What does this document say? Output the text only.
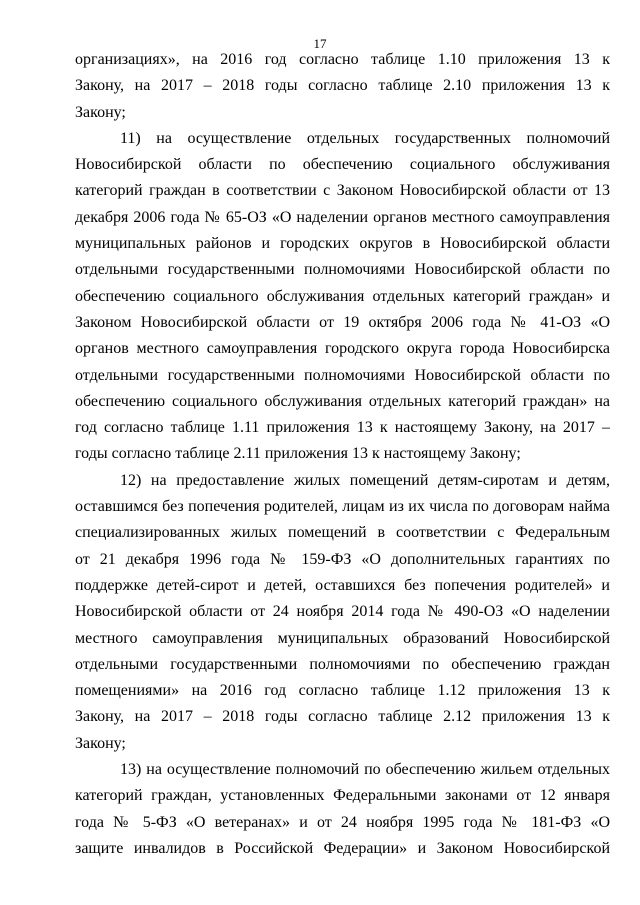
17
организациях», на 2016 год согласно таблице 1.10 приложения 13 к
Закону, на 2017 – 2018 годы согласно таблице 2.10 приложения 13 к
Закону;
11) на осуществление отдельных государственных полномочий
Новосибирской области по обеспечению социального обслуживания
категорий граждан в соответствии с Законом Новосибирской области от 13
декабря 2006 года № 65-ОЗ «О наделении органов местного самоуправления
муниципальных районов и городских округов в Новосибирской области
отдельными государственными полномочиями Новосибирской области по
обеспечению социального обслуживания отдельных категорий граждан» и
Законом Новосибирской области от 19 октября 2006 года № 41-ОЗ «О
органов местного самоуправления городского округа города Новосибирска
отдельными государственными полномочиями Новосибирской области по
обеспечению социального обслуживания отдельных категорий граждан» на
год согласно таблице 1.11 приложения 13 к настоящему Закону, на 2017 –
годы согласно таблице 2.11 приложения 13 к настоящему Закону;
12) на предоставление жилых помещений детям-сиротам и детям,
оставшимся без попечения родителей, лицам из их числа по договорам найма
специализированных жилых помещений в соответствии с Федеральным
от 21 декабря 1996 года № 159-ФЗ «О дополнительных гарантиях по
поддержке детей-сирот и детей, оставшихся без попечения родителей» и
Новосибирской области от 24 ноября 2014 года № 490-ОЗ «О наделении
местного самоуправления муниципальных образований Новосибирской
отдельными государственными полномочиями по обеспечению граждан
помещениями» на 2016 год согласно таблице 1.12 приложения 13 к
Закону, на 2017 – 2018 годы согласно таблице 2.12 приложения 13 к
Закону;
13) на осуществление полномочий по обеспечению жильем отдельных
категорий граждан, установленных Федеральными законами от 12 января
года № 5-ФЗ «О ветеранах» и от 24 ноября 1995 года № 181-ФЗ «О
защите инвалидов в Российской Федерации» и Законом Новосибирской
